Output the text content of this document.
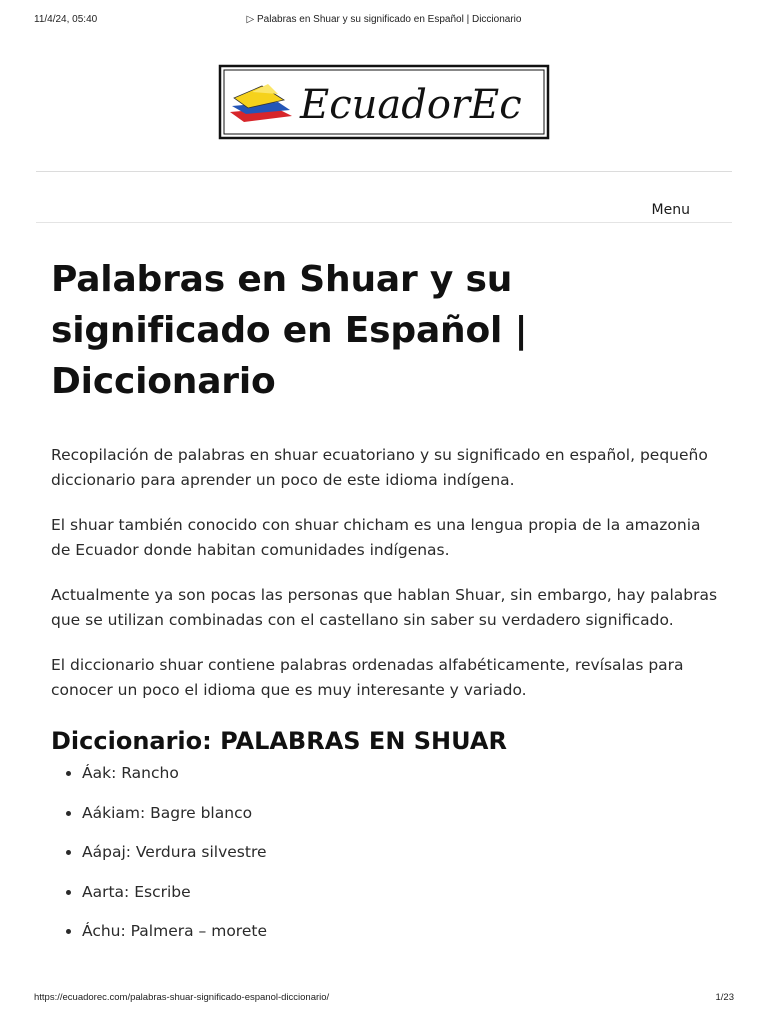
11/4/24, 05:40	▷ Palabras en Shuar y su significado en Español | Diccionario
EcuadorEc
Menu
Palabras en Shuar y su significado en Español | Diccionario

Recopilación de palabras en shuar ecuatoriano y su significado en español, pequeño diccionario para aprender un poco de este idioma indígena.

El shuar también conocido con shuar chicham es una lengua propia de la amazonia de Ecuador donde habitan comunidades indígenas.

Actualmente ya son pocas las personas que hablan Shuar, sin embargo, hay palabras que se utilizan combinadas con el castellano sin saber su verdadero significado.

El diccionario shuar contiene palabras ordenadas alfabéticamente, revísalas para conocer un poco el idioma que es muy interesante y variado.

Diccionario: PALABRAS EN SHUAR
• Áak: Rancho
• Aákiam: Bagre blanco
• Aápaj: Verdura silvestre
• Aarta: Escribe
• Áchu: Palmera – morete
https://ecuadorec.com/palabras-shuar-significado-espanol-diccionario/	1/23
